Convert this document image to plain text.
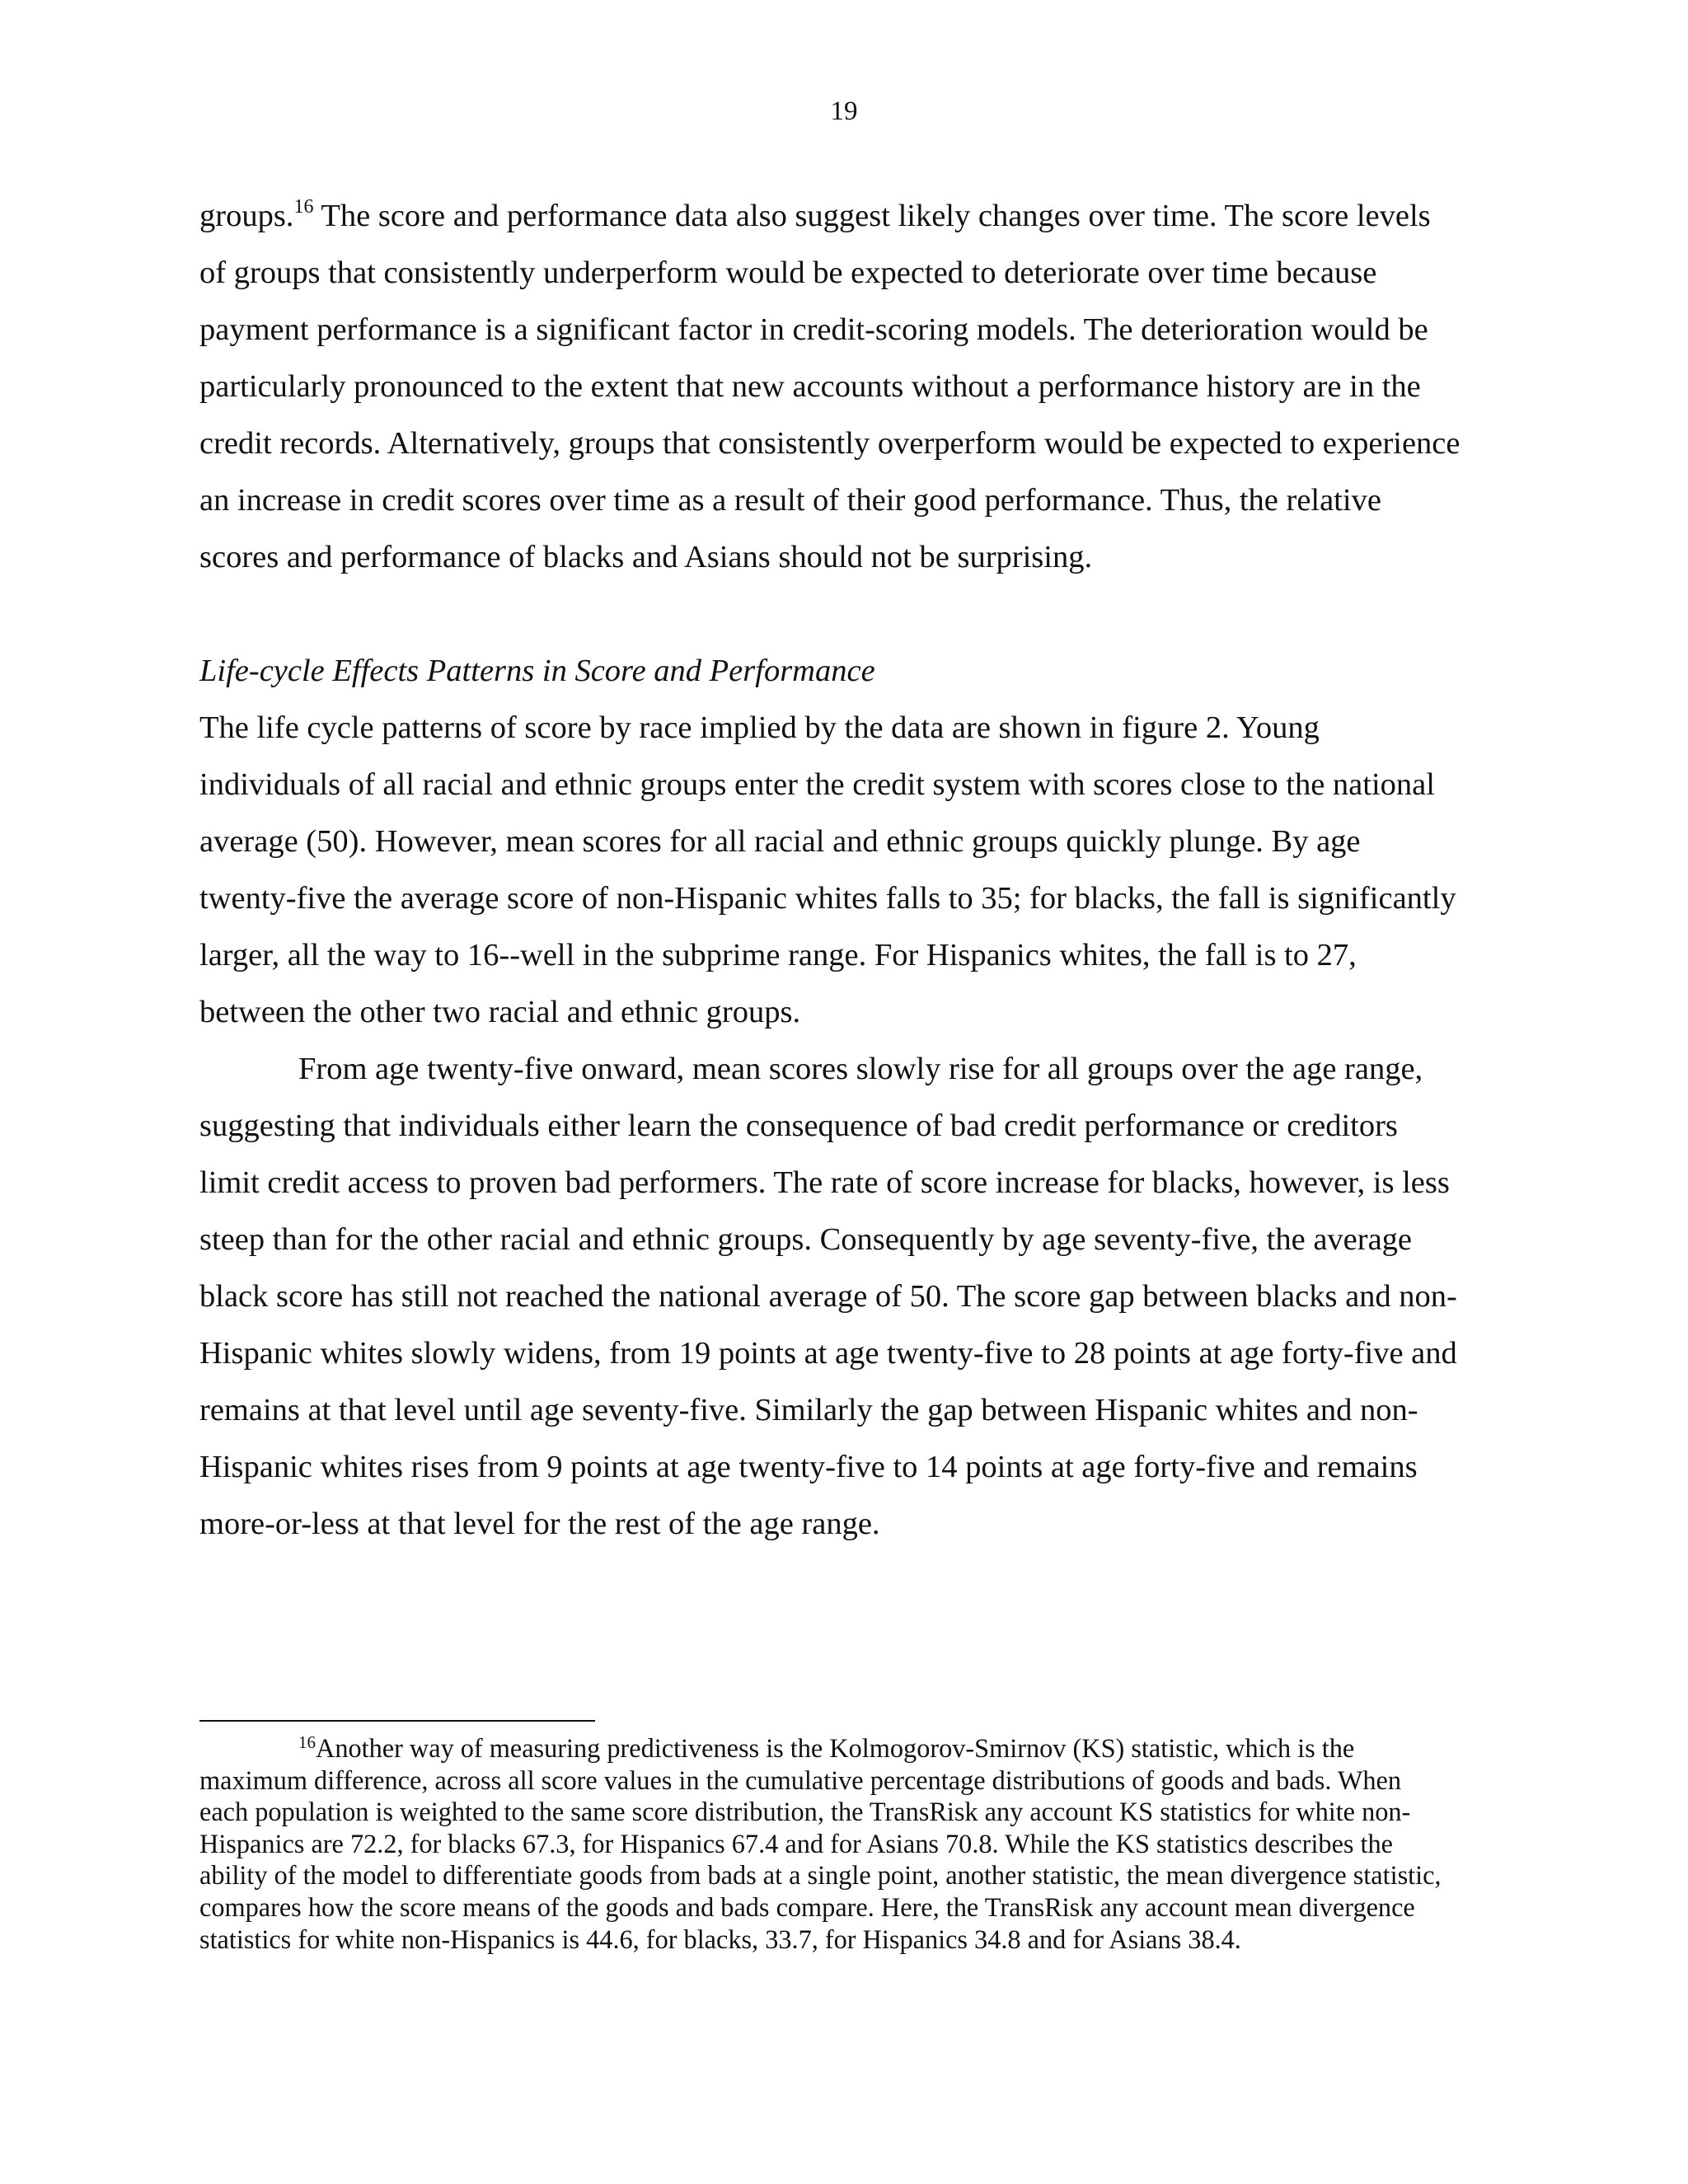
19

groups.$^{16}$ The score and performance data also suggest likely changes over time. The score levels of groups that consistently underperform would be expected to deteriorate over time because payment performance is a significant factor in credit-scoring models. The deterioration would be particularly pronounced to the extent that new accounts without a performance history are in the credit records. Alternatively, groups that consistently overperform would be expected to experience an increase in credit scores over time as a result of their good performance. Thus, the relative scores and performance of blacks and Asians should not be surprising.

Life-cycle Effects Patterns in Score and Performance

The life cycle patterns of score by race implied by the data are shown in figure 2. Young individuals of all racial and ethnic groups enter the credit system with scores close to the national average (50). However, mean scores for all racial and ethnic groups quickly plunge. By age twenty-five the average score of non-Hispanic whites falls to 35; for blacks, the fall is significantly larger, all the way to 16--well in the subprime range. For Hispanics whites, the fall is to 27, between the other two racial and ethnic groups.

From age twenty-five onward, mean scores slowly rise for all groups over the age range, suggesting that individuals either learn the consequence of bad credit performance or creditors limit credit access to proven bad performers. The rate of score increase for blacks, however, is less steep than for the other racial and ethnic groups. Consequently by age seventy-five, the average black score has still not reached the national average of 50. The score gap between blacks and non-Hispanic whites slowly widens, from 19 points at age twenty-five to 28 points at age forty-five and remains at that level until age seventy-five. Similarly the gap between Hispanic whites and non-Hispanic whites rises from 9 points at age twenty-five to 14 points at age forty-five and remains more-or-less at that level for the rest of the age range.

$^{16}$Another way of measuring predictiveness is the Kolmogorov-Smirnov (KS) statistic, which is the maximum difference, across all score values in the cumulative percentage distributions of goods and bads. When each population is weighted to the same score distribution, the TransRisk any account KS statistics for white non-Hispanics are 72.2, for blacks 67.3, for Hispanics 67.4 and for Asians 70.8. While the KS statistics describes the ability of the model to differentiate goods from bads at a single point, another statistic, the mean divergence statistic, compares how the score means of the goods and bads compare. Here, the TransRisk any account mean divergence statistics for white non-Hispanics is 44.6, for blacks, 33.7, for Hispanics 34.8 and for Asians 38.4.
